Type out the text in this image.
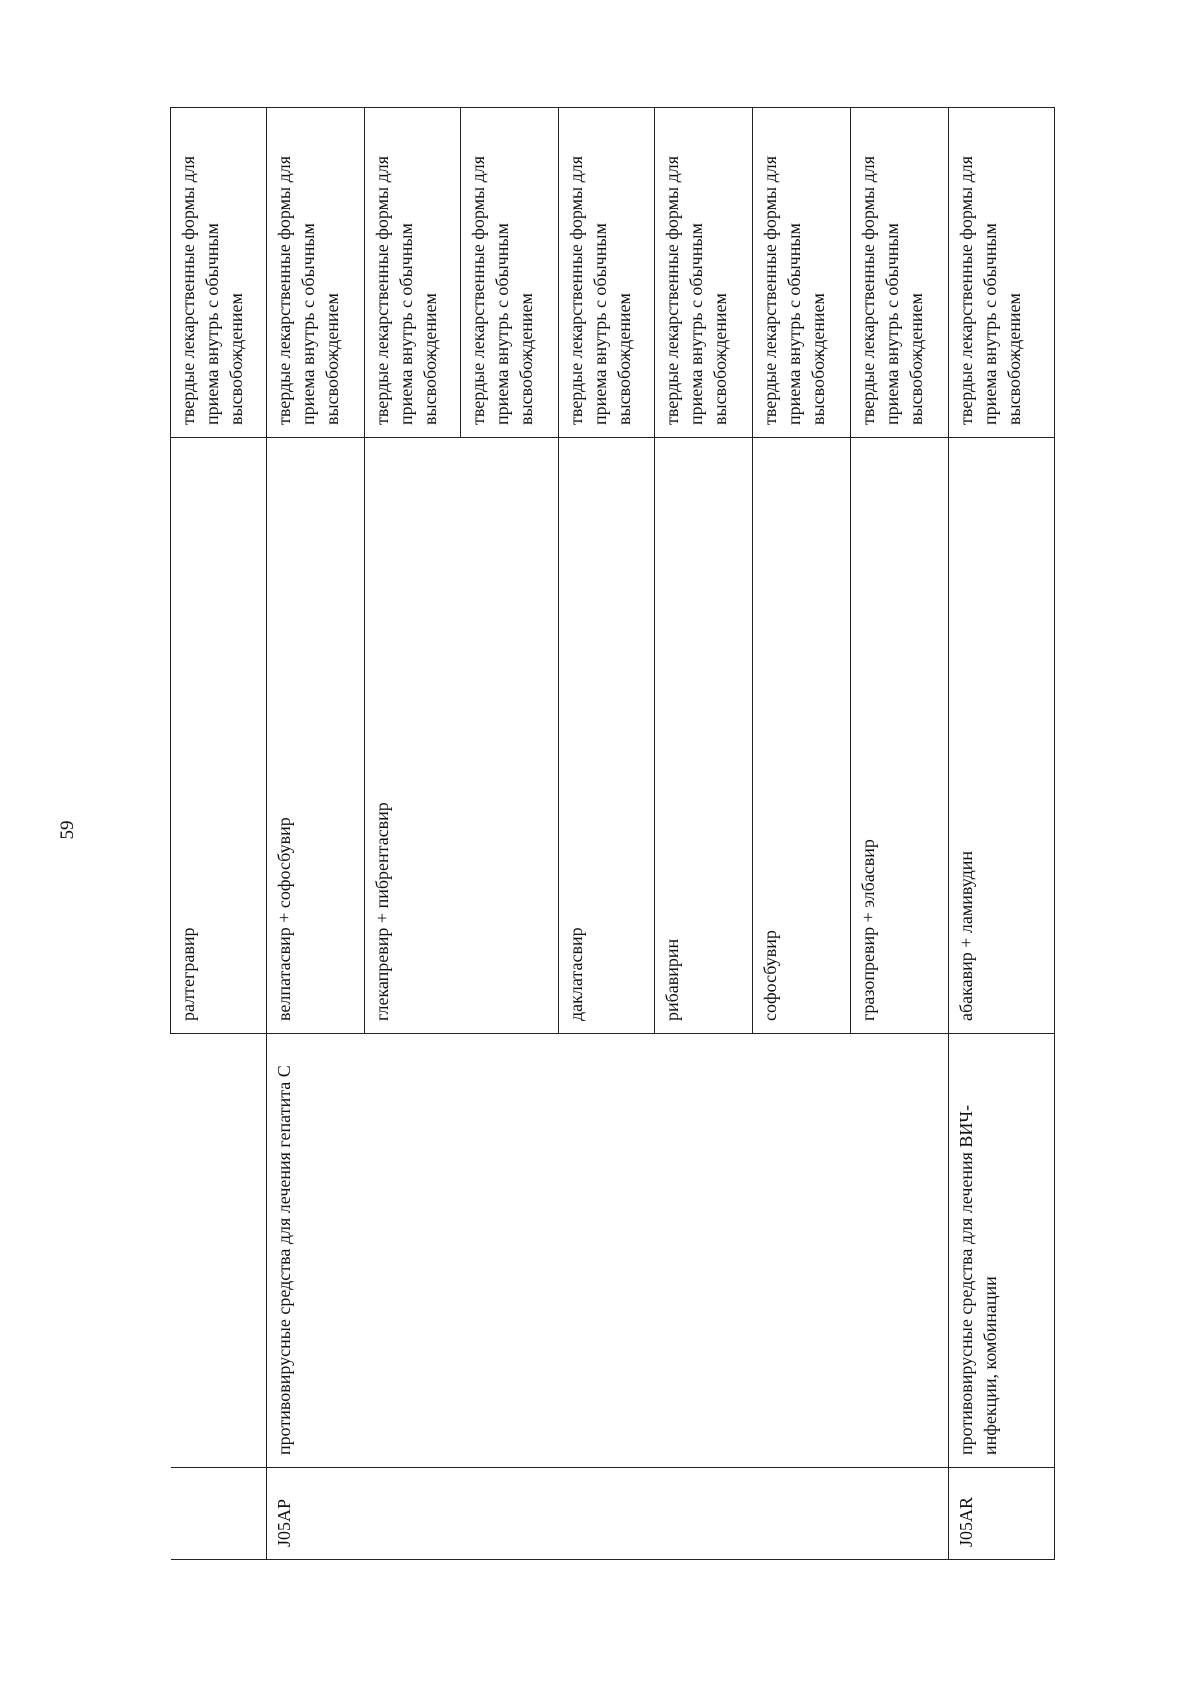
59
		ралтегравир	твердые лекарственные формы для приема внутрь с обычным высвобождением

J05AP	противовирусные средства для лечения гепатита С	велпатасвир + софосбувир	твердые лекарственные формы для приема внутрь с обычным высвобождением

		глекапревир + пибрентасвир	твердые лекарственные формы для приема внутрь с обычным высвобождением

			твердые лекарственные формы для приема внутрь с обычным высвобождением

		даклатасвир	твердые лекарственные формы для приема внутрь с обычным высвобождением

		рибавирин	твердые лекарственные формы для приема внутрь с обычным высвобождением

		софосбувир	твердые лекарственные формы для приема внутрь с обычным высвобождением

		гразопревир + элбасвир	твердые лекарственные формы для приема внутрь с обычным высвобождением

J05AR	противовирусные средства для лечения ВИЧ-инфекции, комбинации	абакавир + ламивудин	твердые лекарственные формы для приема внутрь с обычным высвобождением
